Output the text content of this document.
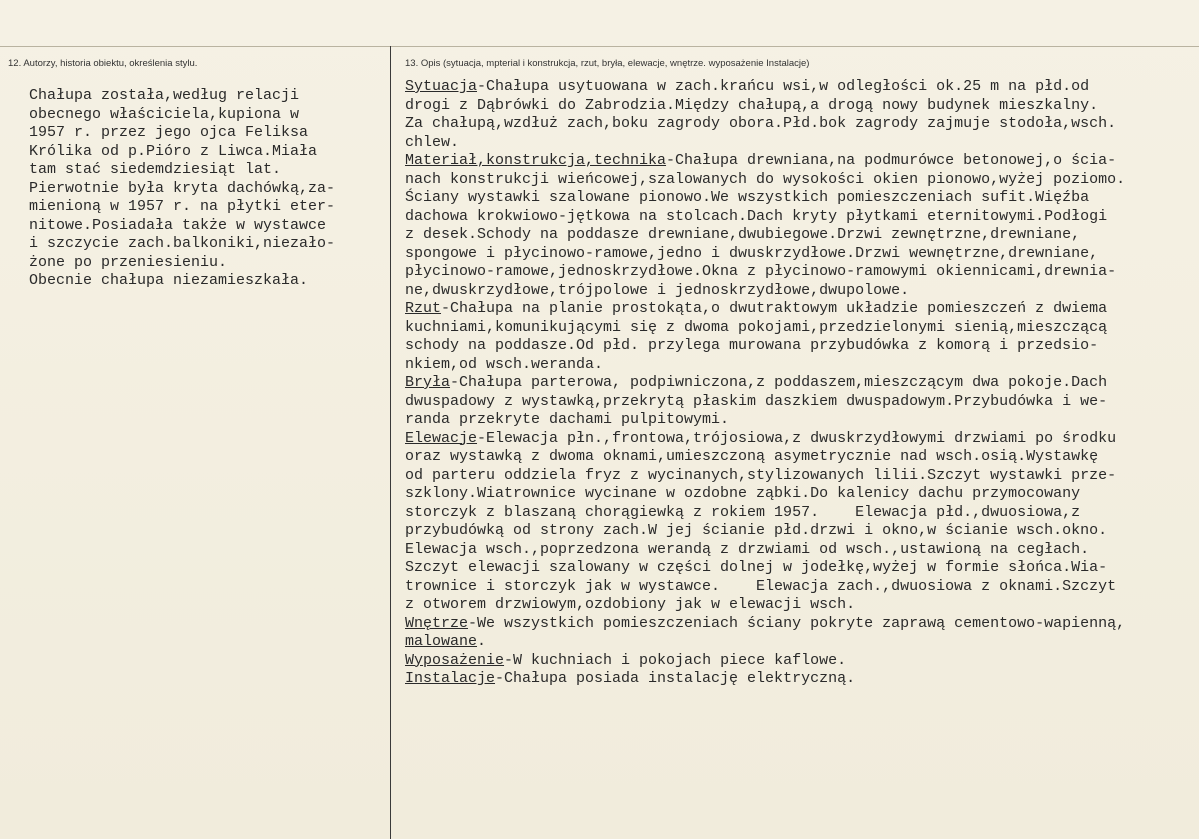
12. Autorzy, historia obiektu, określenia stylu.	13. Opis (sytuacja, mpterial i konstrukcja, rzut, bryła, elewacje, wnętrze. wyposażenie Instalacje)
Chałupa została,według relacji
obecnego właściciela,kupiona w
1957 r. przez jego ojca Feliksa
Królika od p.Pióro z Liwca.Miała
tam stać siedemdziesiąt lat.
Pierwotnie była kryta dachówką,za-
mienioną w 1957 r. na płytki eter-
nitowe.Posiadała także w wystawce
i szczycie zach.balkoniki,niezało-
żone po przeniesieniu.
Obecnie chałupa niezamieszkała.
Sytuacja-Chałupa usytuowana w zach.krańcu wsi,w odległości ok.25 m na płd.od
drogi z Dąbrówki do Zabrodzia.Między chałupą,a drogą nowy budynek mieszkalny.
Za chałupą,wzdłuż zach,boku zagrody obora.Płd.bok zagrody zajmuje stodoła,wsch.
chlew.
Materiał,konstrukcja,technika-Chałupa drewniana,na podmurówce betonowej,o ścia-
nach konstrukcji wieńcowej,szalowanych do wysokości okien pionowo,wyżej poziomo.
Ściany wystawki szalowane pionowo.We wszystkich pomieszczeniach sufit.Więźba
dachowa krokwiowo-jętkowa na stolcach.Dach kryty płytkami eternitowymi.Podłogi
z desek.Schody na poddasze drewniane,dwubiegowe.Drzwi zewnętrzne,drewniane,
spongowe i płycinowo-ramowe,jedno i dwuskrzydłowe.Drzwi wewnętrzne,drewniane,
płycinowo-ramowe,jednoskrzydłowe.Okna z płycinowo-ramowymi okiennicami,drewnia-
ne,dwuskrzydłowe,trójpolowe i jednoskrzydłowe,dwupolowe.
Rzut-Chałupa na planie prostokąta,o dwutraktowym układzie pomieszczeń z dwiema
kuchniami,komunikującymi się z dwoma pokojami,przedzielonymi sienią,mieszczącą
schody na poddasze.Od płd. przylega murowana przybudówka z komorą i przedsio-
nkiem,od wsch.weranda.
Bryła-Chałupa parterowa, podpiwniczona,z poddaszem,mieszczącym dwa pokoje.Dach
dwuspadowy z wystawką,przekrytą płaskim daszkiem dwuspadowym.Przybudówka i we-
randa przekryte dachami pulpitowymi.
Elewacje-Elewacja płn.,frontowa,trójosiowa,z dwuskrzydłowymi drzwiami po środku
oraz wystawką z dwoma oknami,umieszczoną asymetrycznie nad wsch.osią.Wystawkę
od parteru oddziela fryz z wycinanych,stylizowanych lilii.Szczyt wystawki prze-
szklony.Wiatrownice wycinane w ozdobne ząbki.Do kalenicy dachu przymocowany
storczyk z blaszaną chorągiewką z rokiem 1957.    Elewacja płd.,dwuosiowa,z
przybudówką od strony zach.W jej ścianie płd.drzwi i okno,w ścianie wsch.okno.
Elewacja wsch.,poprzedzona werandą z drzwiami od wsch.,ustawioną na cegłach.
Szczyt elewacji szalowany w części dolnej w jodełkę,wyżej w formie słońca.Wia-
trownice i storczyk jak w wystawce.    Elewacja zach.,dwuosiowa z oknami.Szczyt
z otworem drzwiowym,ozdobiony jak w elewacji wsch.
Wnętrze-We wszystkich pomieszczeniach ściany pokryte zaprawą cementowo-wapienną,
malowane.
Wyposażenie-W kuchniach i pokojach piece kaflowe.
Instalacje-Chałupa posiada instalację elektryczną.
